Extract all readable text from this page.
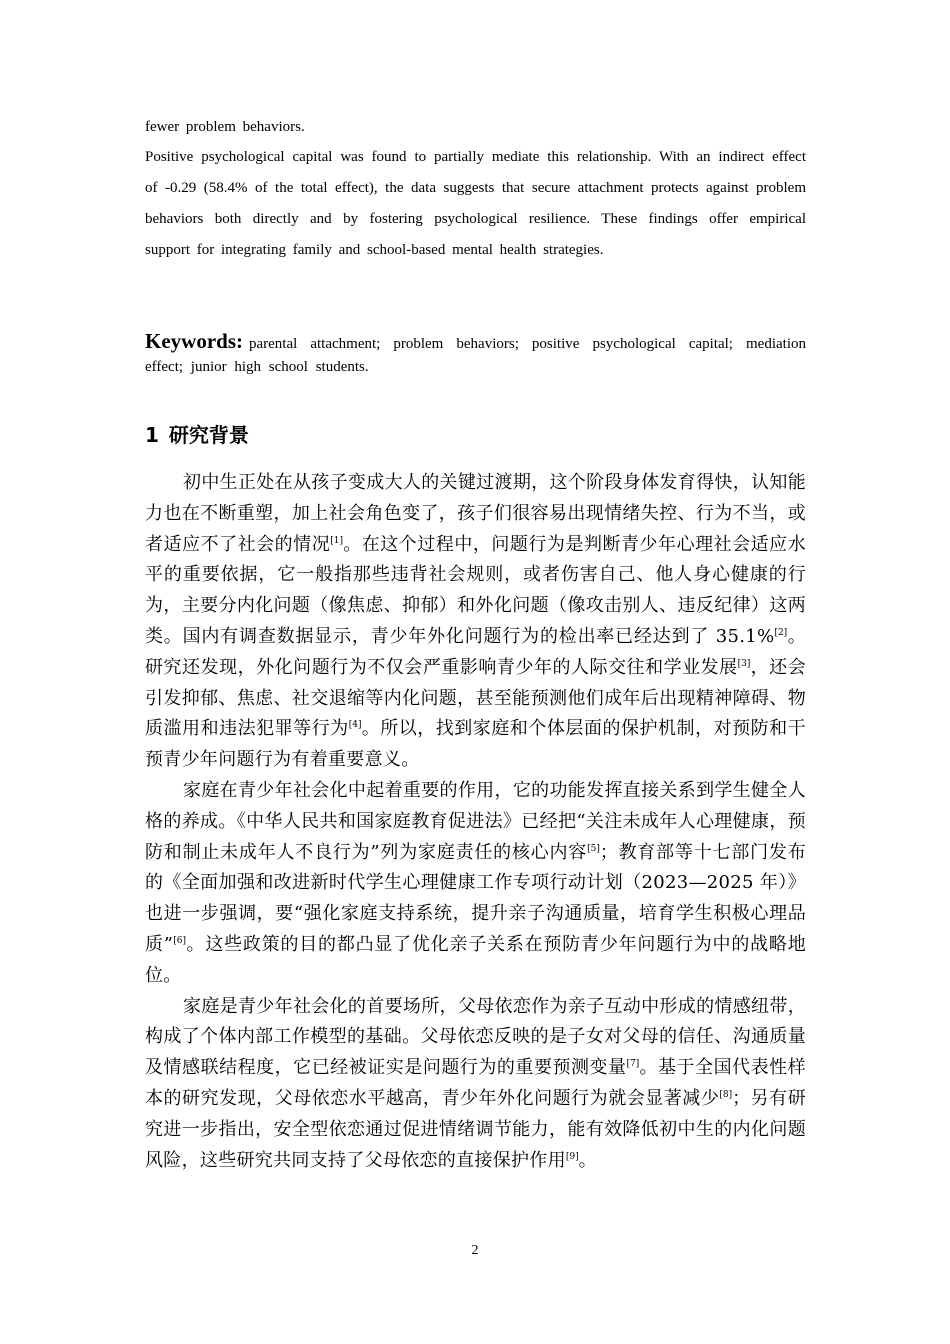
fewer problem behaviors.

Positive psychological capital was found to partially mediate this relationship. With an indirect effect of -0.29 (58.4% of the total effect), the data suggests that secure attachment protects against problem behaviors both directly and by fostering psychological resilience. These findings offer empirical support for integrating family and school-based mental health strategies.

Keywords: parental attachment; problem behaviors; positive psychological capital; mediation effect; junior high school students.
1 研究背景

初中生正处在从孩子变成大人的关键过渡期，这个阶段身体发育得快，认知能力也在不断重塑，加上社会角色变了，孩子们很容易出现情绪失控、行为不当，或者适应不了社会的情况[1]。在这个过程中，问题行为是判断青少年心理社会适应水平的重要依据，它一般指那些违背社会规则，或者伤害自己、他人身心健康的行为，主要分内化问题（像焦虑、抑郁）和外化问题（像攻击别人、违反纪律）这两类。国内有调查数据显示，青少年外化问题行为的检出率已经达到了 35.1%[2]。研究还发现，外化问题行为不仅会严重影响青少年的人际交往和学业发展[3]，还会引发抑郁、焦虑、社交退缩等内化问题，甚至能预测他们成年后出现精神障碍、物质滥用和违法犯罪等行为[4]。所以，找到家庭和个体层面的保护机制，对预防和干预青少年问题行为有着重要意义。

家庭在青少年社会化中起着重要的作用，它的功能发挥直接关系到学生健全人格的养成。《中华人民共和国家庭教育促进法》已经把“关注未成年人心理健康，预防和制止未成年人不良行为”列为家庭责任的核心内容[5]；教育部等十七部门发布的《全面加强和改进新时代学生心理健康工作专项行动计划（2023—2025 年）》也进一步强调，要“强化家庭支持系统，提升亲子沟通质量，培育学生积极心理品质”[6]。这些政策的目的都凸显了优化亲子关系在预防青少年问题行为中的战略地位。

家庭是青少年社会化的首要场所，父母依恋作为亲子互动中形成的情感纽带，构成了个体内部工作模型的基础。父母依恋反映的是子女对父母的信任、沟通质量及情感联结程度，它已经被证实是问题行为的重要预测变量[7]。基于全国代表性样本的研究发现，父母依恋水平越高，青少年外化问题行为就会显著减少[8]；另有研究进一步指出，安全型依恋通过促进情绪调节能力，能有效降低初中生的内化问题风险，这些研究共同支持了父母依恋的直接保护作用[9]。

2
